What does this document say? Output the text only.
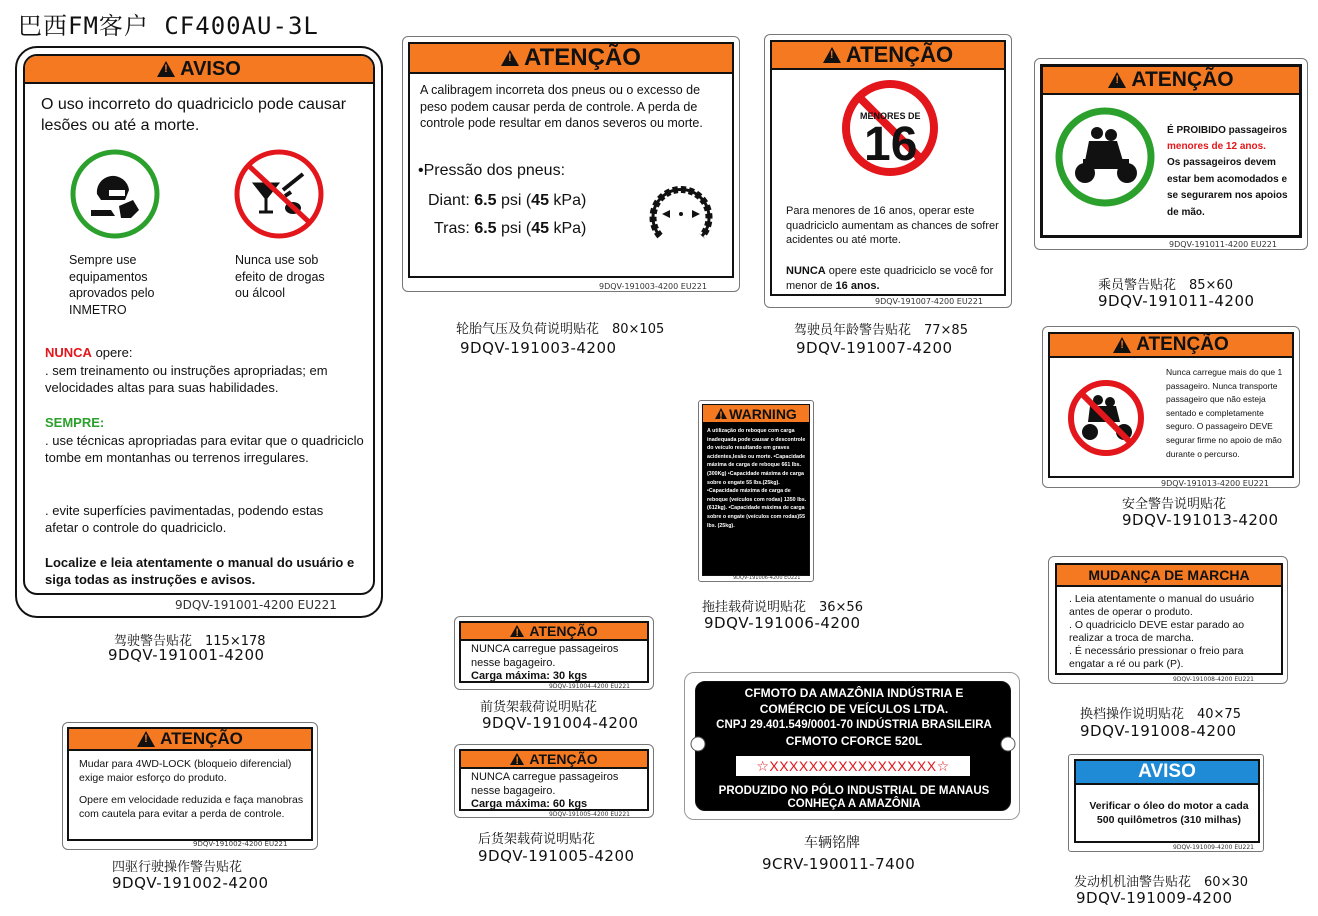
巴西FM客户 CF400AU-3L
!
AVISO
O uso incorreto do quadriciclo pode causar lesões ou até a morte.
Sempre use equipamentos aprovados pelo INMETRO
Nunca use sob efeito de drogas ou álcool
NUNCA opere:
. sem treinamento ou instruções apropriadas; em velocidades altas para suas habilidades.
SEMPRE:
. use técnicas apropriadas para evitar que o quadriciclo tombe em montanhas ou terrenos irregulares.
. evite superfícies pavimentadas, podendo estas afetar o controle do quadriciclo.
Localize e leia atentamente o manual do usuário e siga todas as instruções e avisos.
9DQV-191001-4200 EU221
驾驶警告贴花　115×178
9DQV-191001-4200
!
ATENÇÃO
A calibragem incorreta dos pneus ou o excesso de peso podem causar perda de controle. A perda de controle pode resultar em danos severos ou morte.
•Pressão dos pneus:
Diant: 6.5 psi (45 kPa)
Tras: 6.5 psi (45 kPa)
9DQV-191003-4200 EU221
轮胎气压及负荷说明贴花　80×105
9DQV-191003-4200
!
ATENÇÃO
MENORES DE
16
Para menores de 16 anos, operar este quadriciclo aumentam as chances de sofrer acidentes ou até morte.
NUNCA opere este quadriciclo se você for menor de 16 anos.
9DQV-191007-4200 EU221
驾驶员年龄警告贴花　77×85
9DQV-191007-4200
!
ATENÇÃO
É PROIBIDO passageiros
menores de 12 anos.
Os passageiros devem estar bem acomodados e se segurarem nos apoios de mão.
9DQV-191011-4200 EU221
乘员警告贴花　85×60
9DQV-191011-4200
!
ATENÇÃO
Nunca carregue mais do que 1 passageiro. Nunca transporte passageiro que não esteja sentado e completamente seguro. O passageiro DEVE segurar firme no apoio de mão durante o percurso.
9DQV-191013-4200 EU221
安全警告说明贴花
9DQV-191013-4200
!
WARNING
A utilização do reboque com carga inadequada pode causar o descontrole do veículo resultando em graves acidentes,lesão ou morte. •Capacidade máxima de carga de reboque 661 lbs.(300Kg) •Capacidade máxima de carga sobre o engate 55 lbs.(25kg). •Capacidade máxima de carga de reboque (veículos com rodas) 1350 lbs.(612kg). •Capacidade máxima de carga sobre o engate (veículos com rodas)55 lbs. (25kg).
9DQV-191006-4200 EU221
拖挂载荷说明贴花　36×56
9DQV-191006-4200
!
ATENÇÃO
NUNCA carregue passageiros nesse bagageiro.
Carga máxima: 30 kgs
9DQV-191004-4200 EU221
前货架载荷说明贴花
9DQV-191004-4200
!
ATENÇÃO
NUNCA carregue passageiros nesse bagageiro.
Carga máxima: 60 kgs
9DQV-191005-4200 EU221
后货架载荷说明贴花
9DQV-191005-4200
CFMOTO DA AMAZÔNIA INDÚSTRIA E
COMÉRCIO DE VEÍCULOS LTDA.
CNPJ 29.401.549/0001-70 INDÚSTRIA BRASILEIRA
CFMOTO CFORCE 520L
☆XXXXXXXXXXXXXXXXX☆
PRODUZIDO NO PÓLO INDUSTRIAL DE MANAUS
CONHEÇA A AMAZÔNIA
车辆铭牌
9CRV-190011-7400
!
ATENÇÃO
Mudar para 4WD-LOCK (bloqueio diferencial) exige maior esforço do produto.
Opere em velocidade reduzida e faça manobras com cautela para evitar a perda de controle.
9DQV-191002-4200 EU221
四驱行驶操作警告贴花
9DQV-191002-4200
MUDANÇA DE MARCHA
. Leia atentamente o manual do usuário antes de operar o produto.
. O quadriciclo DEVE estar parado ao realizar a troca de marcha.
. É necessário pressionar o freio para engatar a ré ou park (P).
9DQV-191008-4200 EU221
换档操作说明贴花　40×75
9DQV-191008-4200
AVISO
Verificar o óleo do motor a cada 500 quilômetros (310 milhas)
9DQV-191009-4200 EU221
发动机机油警告贴花　60×30
9DQV-191009-4200
